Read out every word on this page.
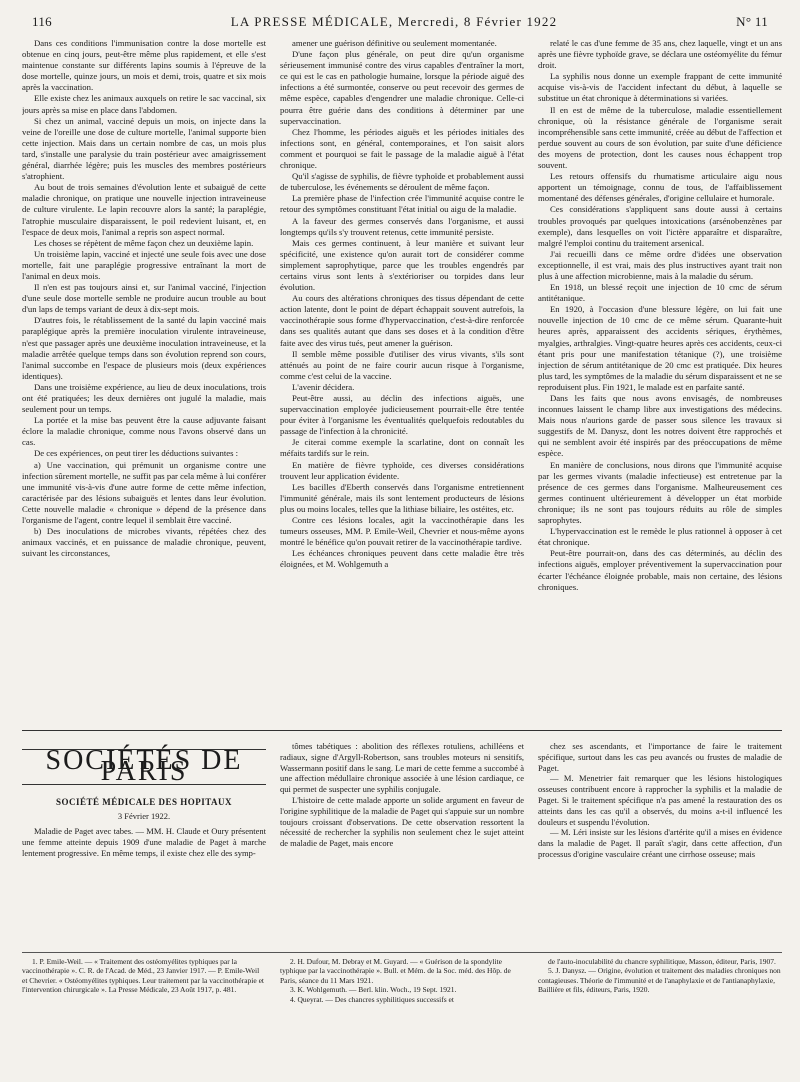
116	LA PRESSE MÉDICALE, Mercredi, 8 Février 1922	N° 11

Dans ces conditions l'immunisation contre la dose mortelle est obtenue en cinq jours, peut-être même plus rapidement, et elle s'est maintenue constante sur différents lapins soumis à l'épreuve de la dose mortelle, quinze jours, un mois et demi, trois, quatre et six mois après la vaccination.

Elle existe chez les animaux auxquels on retire le sac vaccinal, six jours après sa mise en place dans l'abdomen.

Si chez un animal, vacciné depuis un mois, on injecte dans la veine de l'oreille une dose de culture mortelle, l'animal supporte bien cette injection. Mais dans un certain nombre de cas, un mois plus tard, s'installe une paralysie du train postérieur avec amaigrissement général, diarrhée légère; puis les muscles des membres postérieurs s'atrophient.

Au bout de trois semaines d'évolution lente et subaiguë de cette maladie chronique, on pratique une nouvelle injection intraveineuse de culture virulente. Le lapin recouvre alors la santé; la paraplégie, l'atrophie musculaire disparaissent, le poil redevient luisant, et, en l'espace de deux mois, l'animal a repris son aspect normal.

Les choses se répètent de même façon chez un deuxième lapin.

Un troisième lapin, vacciné et injecté une seule fois avec une dose mortelle, fait une paraplégie progressive entraînant la mort de l'animal en deux mois.

Il n'en est pas toujours ainsi et, sur l'animal vacciné, l'injection d'une seule dose mortelle semble ne produire aucun trouble au bout d'un laps de temps variant de deux à dix-sept mois.

D'autres fois, le rétablissement de la santé du lapin vacciné mais paraplégique après la première inoculation virulente intraveineuse, n'est que passager après une deuxième inoculation intraveineuse, et la maladie arrêtée quelque temps dans son évolution reprend son cours, l'animal succombe en l'espace de plusieurs mois (deux expériences identiques).

Dans une troisième expérience, au lieu de deux inoculations, trois ont été pratiquées; les deux dernières ont jugulé la maladie, mais seulement pour un temps.

La portée et la mise bas peuvent être la cause adjuvante faisant éclore la maladie chronique, comme nous l'avons observé dans un cas.

De ces expériences, on peut tirer les déductions suivantes :

a) Une vaccination, qui prémunit un organisme contre une infection sûrement mortelle, ne suffit pas par cela même à lui conférer une immunité vis-à-vis d'une autre forme de cette même infection, caractérisée par des lésions subaiguës et lentes dans leur évolution. Cette nouvelle maladie « chronique » dépend de la présence dans l'organisme de l'agent, contre lequel il semblait être vacciné.

b) Des inoculations de microbes vivants, répétées chez des animaux vaccinés, et en puissance de maladie chronique, peuvent, suivant les circonstances,

amener une guérison définitive ou seulement momentanée.

D'une façon plus générale, on peut dire qu'un organisme sérieusement immunisé contre des virus capables d'entraîner la mort, ce qui est le cas en pathologie humaine, lorsque la période aiguë des infections a été surmontée, conserve ou peut recevoir des germes de même espèce, capables d'engendrer une maladie chronique. Celle-ci pourra être guérie dans des conditions à déterminer par une supervaccination.

Chez l'homme, les périodes aiguës et les périodes initiales des infections sont, en général, contemporaines, et l'on saisit alors comment et pourquoi se fait le passage de la maladie aiguë à l'état chronique.

Qu'il s'agisse de syphilis, de fièvre typhoïde et probablement aussi de tuberculose, les événements se déroulent de même façon.

La première phase de l'infection crée l'immunité acquise contre le retour des symptômes constituant l'état initial ou aigu de la maladie.

A la faveur des germes conservés dans l'organisme, et aussi longtemps qu'ils s'y trouvent retenus, cette immunité persiste.

Mais ces germes continuent, à leur manière et suivant leur spécificité, une existence qu'on aurait tort de considérer comme simplement saprophytique, parce que les troubles engendrés par certains virus sont lents à s'extérioriser ou torpides dans leur évolution.

Au cours des altérations chroniques des tissus dépendant de cette action latente, dont le point de départ échappait souvent autrefois, la vaccinothérapie sous forme d'hypervaccination, c'est-à-dire renforcée dans ses qualités autant que dans ses doses et à la condition d'être faite avec des virus tués, peut amener la guérison.

Il semble même possible d'utiliser des virus vivants, s'ils sont atténués au point de ne faire courir aucun risque à l'organisme, comme c'est celui de la vaccine.

L'avenir décidera.

Peut-être aussi, au déclin des infections aiguës, une supervaccination employée judicieusement pourrait-elle être tentée pour éviter à l'organisme les éventualités quelquefois redoutables du passage de l'infection à la chronicité.

Je citerai comme exemple la scarlatine, dont on connaît les méfaits tardifs sur le rein.

En matière de fièvre typhoïde, ces diverses considérations trouvent leur application évidente.

Les bacilles d'Eberth conservés dans l'organisme entretiennent l'immunité générale, mais ils sont lentement producteurs de lésions plus ou moins locales, telles que la lithiase biliaire, les ostéites, etc.

Contre ces lésions locales, agit la vaccinothérapie dans les tumeurs osseuses, MM. P. Emile-Weil, Chevrier et nous-même ayons montré le bénéfice qu'on pouvait retirer de la vaccinothérapie tardive.

Les échéances chroniques peuvent dans cette maladie être très éloignées, et M. Wohlgemuth a

relaté le cas d'une femme de 35 ans, chez laquelle, vingt et un ans après une fièvre typhoïde grave, se déclara une ostéomyélite du fémur droit.

La syphilis nous donne un exemple frappant de cette immunité acquise vis-à-vis de l'accident infectant du début, à laquelle se substitue un état chronique à déterminations si variées.

Il en est de même de la tuberculose, maladie essentiellement chronique, où la résistance générale de l'organisme serait incompréhensible sans cette immunité, créée au début de l'affection et perdue souvent au cours de son évolution, par suite d'une déficience des moyens de protection, dont les causes nous échappent trop souvent.

Les retours offensifs du rhumatisme articulaire aigu nous apportent un témoignage, connu de tous, de l'affaiblissement momentané des défenses générales, d'origine cellulaire et humorale.

Ces considérations s'appliquent sans doute aussi à certains troubles provoqués par quelques intoxications (arsénobenzènes par exemple), dans lesquelles on voit l'ictère apparaître et disparaître, malgré l'emploi continu du traitement arsenical.

J'ai recueilli dans ce même ordre d'idées une observation exceptionnelle, il est vrai, mais des plus instructives ayant trait non plus à une affection microbienne, mais à la maladie du sérum.

En 1918, un blessé reçoit une injection de 10 cmc de sérum antitétanique.

En 1920, à l'occasion d'une blessure légère, on lui fait une nouvelle injection de 10 cmc de ce même sérum. Quarante-huit heures après, apparaissent des accidents sériques, érythèmes, myalgies, arthralgies. Vingt-quatre heures après ces accidents, ceux-ci étant pris pour une manifestation tétanique (?), une troisième injection de sérum antitétanique de 20 cmc est pratiquée. Dix heures plus tard, les symptômes de la maladie du sérum disparaissent et ne se reproduisent plus. Fin 1921, le malade est en parfaite santé.

Dans les faits que nous avons envisagés, de nombreuses inconnues laissent le champ libre aux investigations des médecins. Mais nous n'aurions garde de passer sous silence les travaux si suggestifs de M. Danysz, dont les notres doivent être rapprochés et qui ne semblent avoir été inspirés par des préoccupations de même espèce.

En manière de conclusions, nous dirons que l'immunité acquise par les germes vivants (maladie infectieuse) est entretenue par la présence de ces germes dans l'organisme. Malheureusement ces germes continuent ultérieurement à développer un état morbide chronique; ils ne sont pas toujours réduits au rôle de simples saprophytes.

L'hypervaccination est le remède le plus rationnel à opposer à cet état chronique.

Peut-être pourrait-on, dans des cas déterminés, au déclin des infections aiguës, employer préventivement la supervaccination pour écarter l'échéance éloignée probable, mais non certaine, des lésions chroniques.

SOCIÉTÉS DE PARIS
SOCIÉTÉ MÉDICALE DES HOPITAUX
3 Février 1922.

Maladie de Paget avec tabes. — MM. H. Claude et Oury présentent une femme atteinte depuis 1909 d'une maladie de Paget à marche lentement progressive. En même temps, il existe chez elle des symp-

tômes tabétiques : abolition des réflexes rotuliens, achilléens et radiaux, signe d'Argyll-Robertson, sans troubles moteurs ni sensitifs, Wassermann positif dans le sang. Le mari de cette femme a succombé à une affection médullaire chronique associée à une lésion cardiaque, ce qui permet de suspecter une syphilis conjugale.

L'histoire de cette malade apporte un solide argument en faveur de l'origine syphilitique de la maladie de Paget qui s'appuie sur un nombre toujours croissant d'observations. De cette observation ressortent la nécessité de rechercher la syphilis non seulement chez le sujet atteint de maladie de Paget, mais encore

chez ses ascendants, et l'importance de faire le traitement spécifique, surtout dans les cas peu avancés ou frustes de maladie de Paget.

— M. Menetrier fait remarquer que les lésions histologiques osseuses contribuent encore à rapprocher la syphilis et la maladie de Paget. Si le traitement spécifique n'a pas amené la restauration des os atteints dans les cas qu'il a observés, du moins a-t-il influencé les douleurs et suspendu l'évolution.

— M. Léri insiste sur les lésions d'artérite qu'il a mises en évidence dans la maladie de Paget. Il paraît s'agir, dans cette affection, d'un processus d'origine vasculaire créant une cirrhose osseuse; mais

1. P. Emile-Weil. — « Traitement des ostéomyélites typhiques par la vaccinothérapie ». C. R. de l'Acad. de Méd., 23 Janvier 1917. — P. Emile-Weil et Chevrier. « Ostéomyélites typhiques. Leur traitement par la vaccinothérapie et l'intervention chirurgicale ». La Presse Médicale, 23 Août 1917, p. 481.

2. H. Dufour, M. Debray et M. Guyard. — « Guérison de la spondylite typhique par la vaccinothérapie ». Bull. et Mém. de la Soc. méd. des Hôp. de Paris, séance du 11 Mars 1921.

3. K. Wohlgemuth. — Berl. klin. Woch., 19 Sept. 1921.

4. Queyrat. — Des chancres syphilitiques successifs et

de l'auto-inoculabilité du chancre syphilitique, Masson, éditeur, Paris, 1907.

5. J. Danysz. — Origine, évolution et traitement des maladies chroniques non contagieuses. Théorie de l'immunité et de l'anaphylaxie et de l'antianaphylaxie, Baillière et fils, éditeurs, Paris, 1920.
